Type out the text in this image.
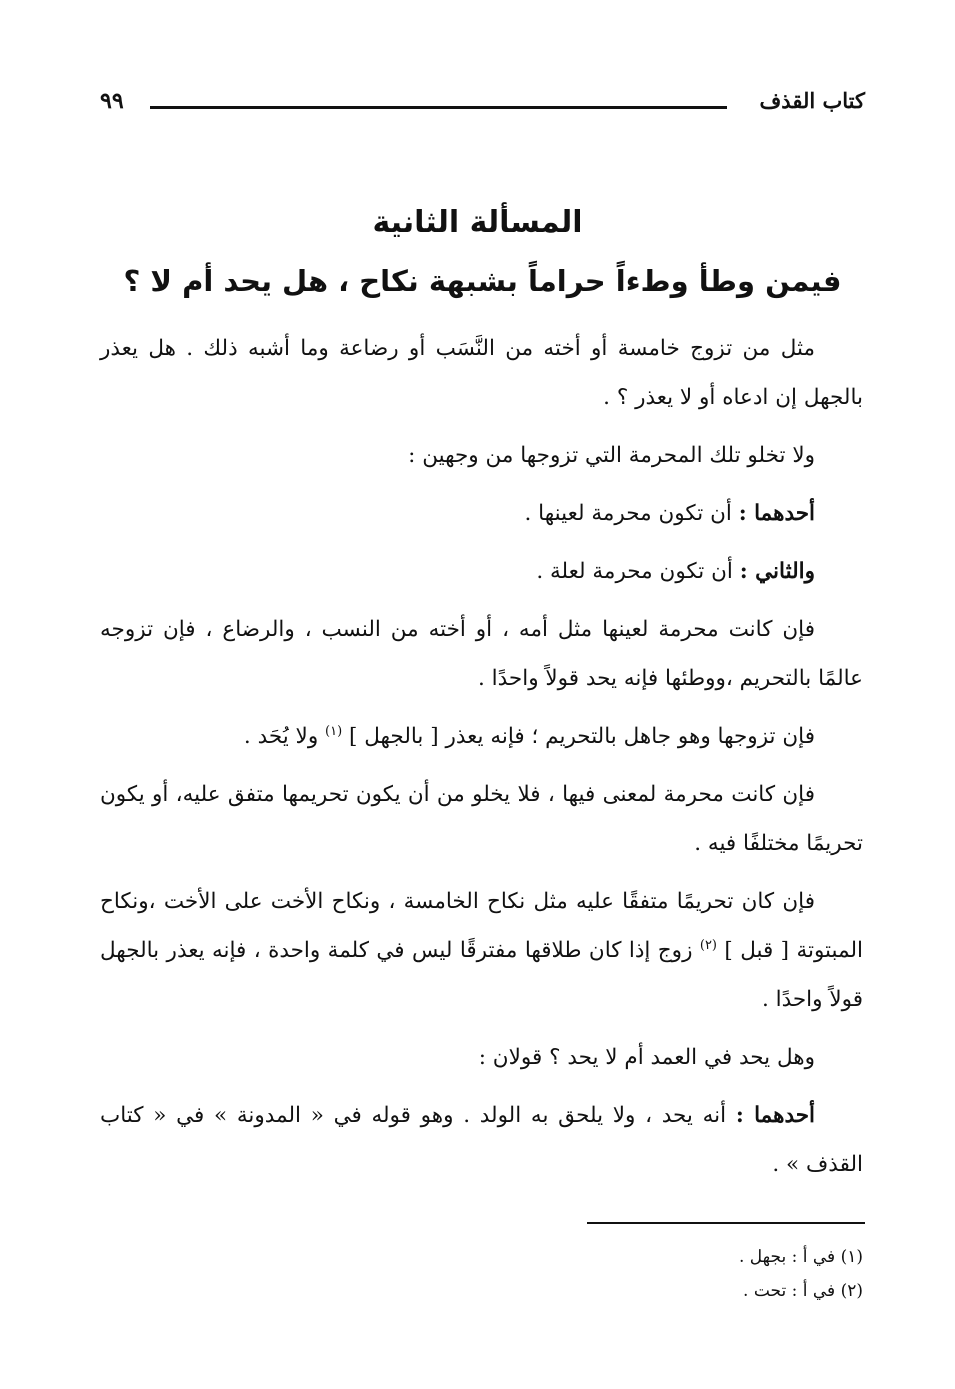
كتاب القذف
٩٩
المسألة الثانية
فيمن وطأ وطءاً حراماً بشبهة نكاح ، هل يحد أم لا ؟

مثل من تزوج خامسة أو أخته من النَّسَب أو رضاعة وما أشبه ذلك . هل يعذر بالجهل إن ادعاه أو لا يعذر ؟ .

ولا تخلو تلك المحرمة التي تزوجها من وجهين :

أحدهما : أن تكون محرمة لعينها .

والثاني : أن تكون محرمة لعلة .

فإن كانت محرمة لعينها مثل أمه ، أو أخته من النسب ، والرضاع ، فإن تزوجه عالمًا بالتحريم ،ووطئها فإنه يحد قولاً واحدًا .

فإن تزوجها وهو جاهل بالتحريم ؛ فإنه يعذر [ بالجهل ] $^{(١)}$ ولا يُحَد .

فإن كانت محرمة لمعنى فيها ، فلا يخلو من أن يكون تحريمها متفق عليه، أو يكون تحريمًا مختلفًا فيه .

فإن كان تحريمًا متفقًا عليه مثل نكاح الخامسة ، ونكاح الأخت على الأخت ،ونكاح المبتوتة [ قبل ] $^{(٢)}$ زوج إذا كان طلاقها مفترقًا ليس في كلمة واحدة ، فإنه يعذر بالجهل قولاً واحدًا .

وهل يحد في العمد أم لا يحد ؟ قولان :

أحدهما : أنه يحد ، ولا يلحق به الولد . وهو قوله في « المدونة » في « كتاب القذف » .

(١) في أ : بجهل .

(٢) في أ : تحت .
